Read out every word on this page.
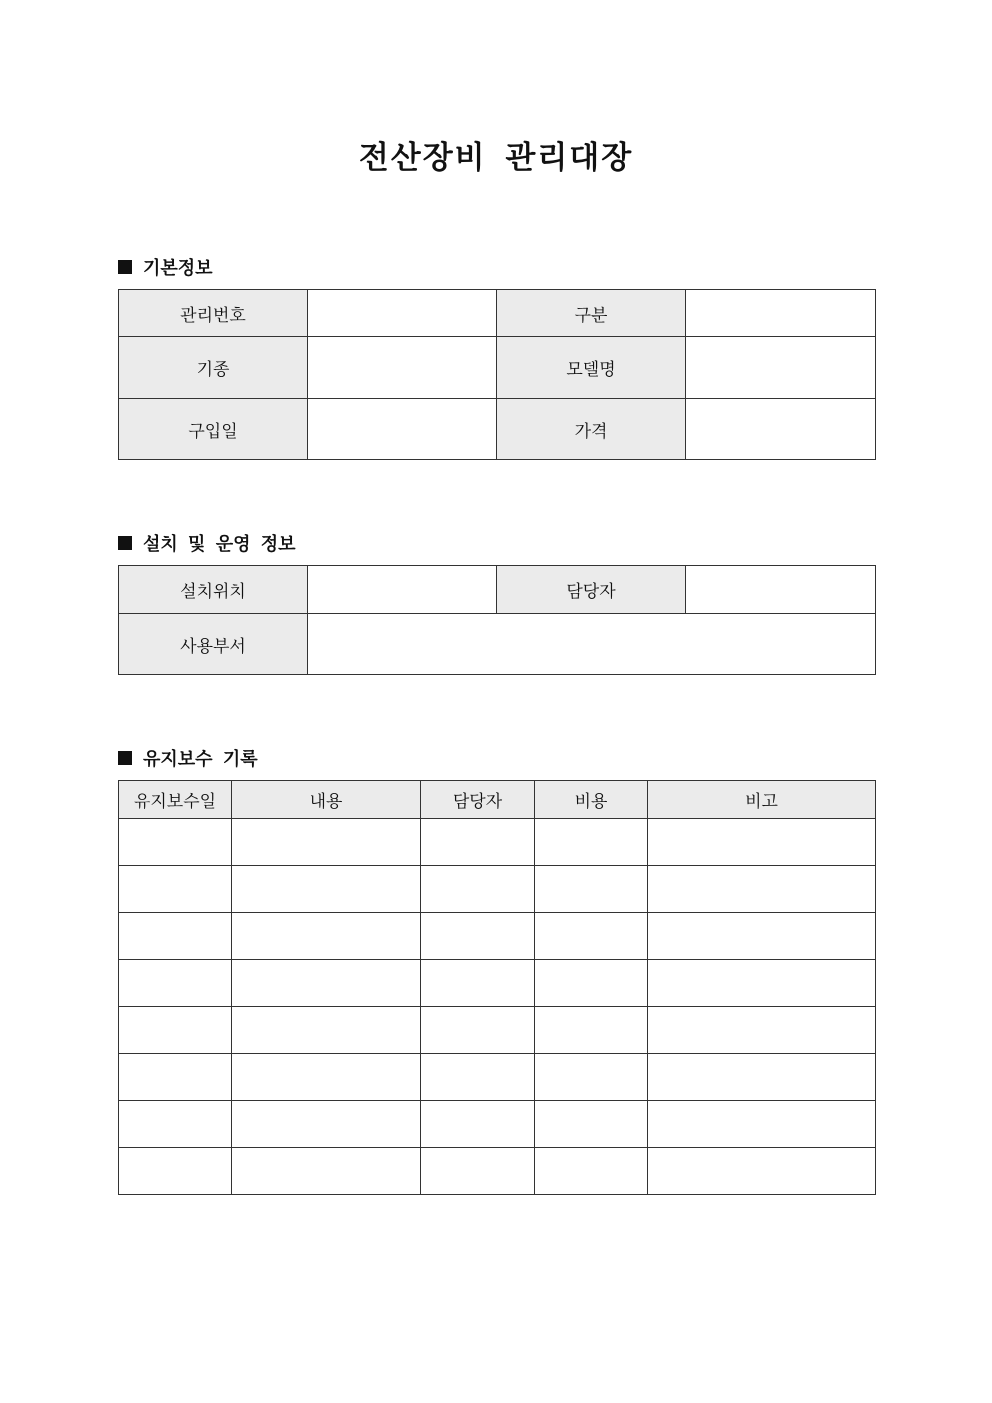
전산장비 관리대장
기본정보
관리번호		구분	
기종		모델명	
구입일		가격	
설치 및 운영 정보
설치위치		담당자	
사용부서			
유지보수 기록
유지보수일	내용	담당자	비용	비고
